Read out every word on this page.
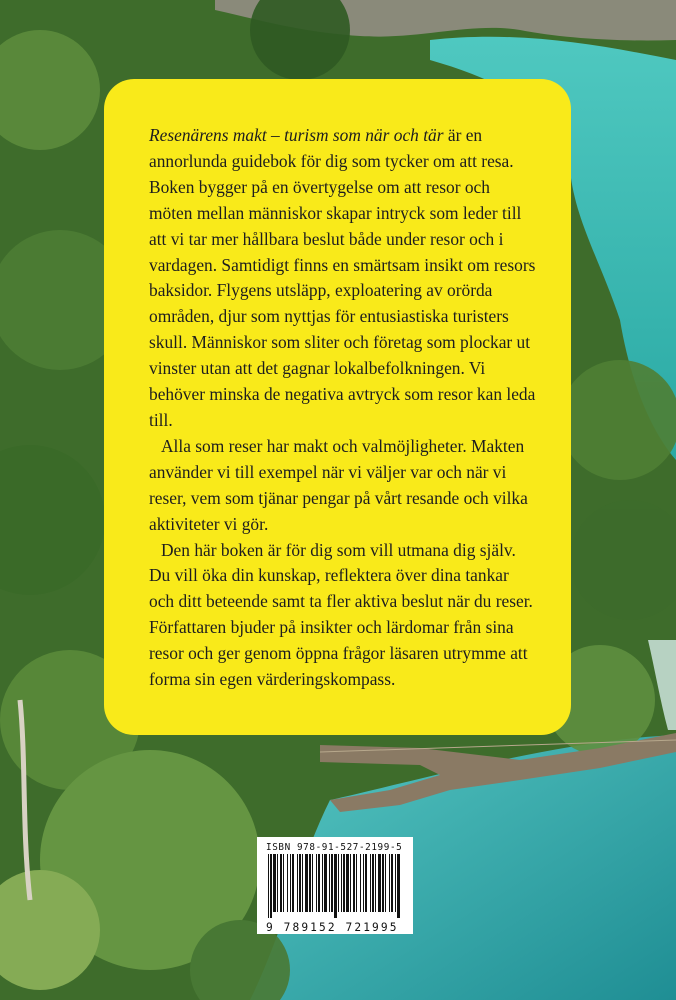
Resenärens makt – turism som när och tär är en annorlunda guidebok för dig som tycker om att resa. Boken bygger på en övertygelse om att resor och möten mellan människor skapar intryck som leder till att vi tar mer hållbara beslut både under resor och i vardagen. Samtidigt finns en smärtsam insikt om resors baksidor. Flygens utsläpp, exploatering av orörda områden, djur som nyttjas för entusiastiska turisters skull. Människor som sliter och företag som plockar ut vinster utan att det gagnar lokalbefolkningen. Vi behöver minska de negativa avtryck som resor kan leda till.

Alla som reser har makt och valmöjligheter. Makten använder vi till exempel när vi väljer var och när vi reser, vem som tjänar pengar på vårt resande och vilka aktiviteter vi gör.

Den här boken är för dig som vill utmana dig själv. Du vill öka din kunskap, reflektera över dina tankar och ditt beteende samt ta fler aktiva beslut när du reser. Författaren bjuder på insikter och lärdomar från sina resor och ger genom öppna frågor läsaren utrymme att forma sin egen värderingskompass.

ISBN 978-91-527-2199-5
9 789152 721995
